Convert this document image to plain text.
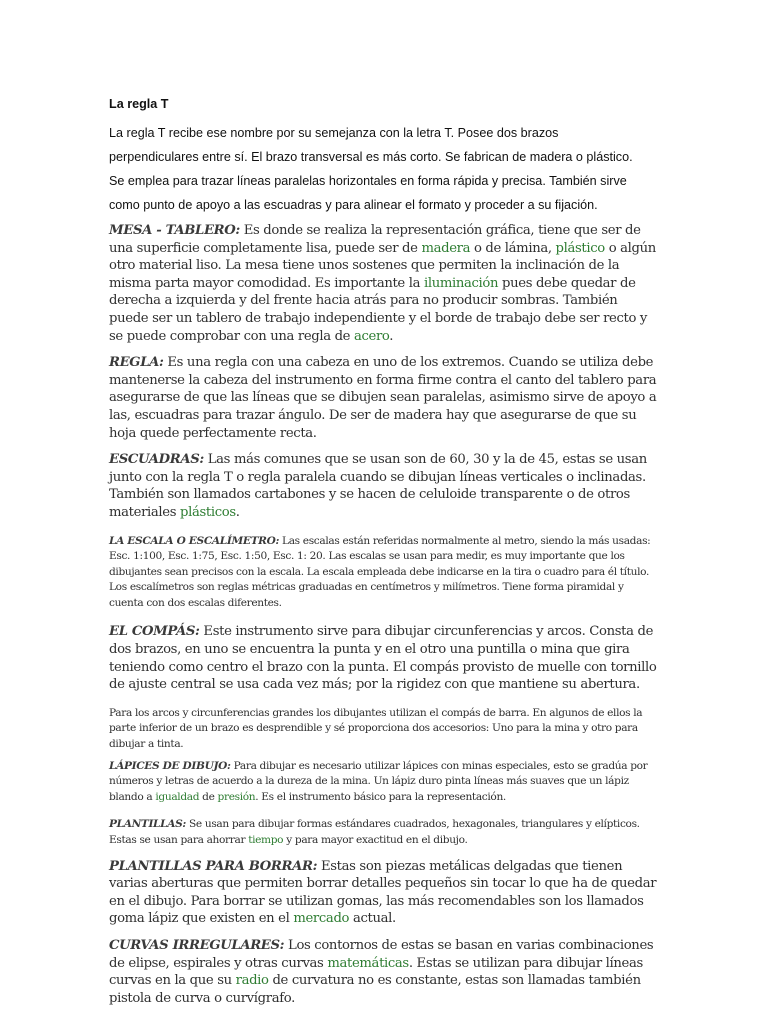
La regla T

La regla T recibe ese nombre por su semejanza con la letra T. Posee dos brazos

perpendiculares entre sí. El brazo transversal es más corto. Se fabrican de madera o plástico.

Se emplea para trazar líneas paralelas horizontales en forma rápida y precisa. También sirve

como punto de apoyo a las escuadras y para alinear el formato y proceder a su fijación.

MESA - TABLERO: Es donde se realiza la representación gráfica, tiene que ser de una superficie completamente lisa, puede ser de madera o de lámina, plástico o algún otro material liso. La mesa tiene unos sostenes que permiten la inclinación de la misma parta mayor comodidad. Es importante la iluminación pues debe quedar de derecha a izquierda y del frente hacia atrás para no producir sombras. También puede ser un tablero de trabajo independiente y el borde de trabajo debe ser recto y se puede comprobar con una regla de acero.

REGLA: Es una regla con una cabeza en uno de los extremos. Cuando se utiliza debe mantenerse la cabeza del instrumento en forma firme contra el canto del tablero para asegurarse de que las líneas que se dibujen sean paralelas, asimismo sirve de apoyo a las, escuadras para trazar ángulo. De ser de madera hay que asegurarse de que su hoja quede perfectamente recta.

ESCUADRAS: Las más comunes que se usan son de 60, 30 y la de 45, estas se usan junto con la regla T o regla paralela cuando se dibujan líneas verticales o inclinadas. También son llamados cartabones y se hacen de celuloide transparente o de otros materiales plásticos.

LA ESCALA O ESCALÍMETRO: Las escalas están referidas normalmente al metro, siendo la más usadas: Esc. 1:100, Esc. 1:75, Esc. 1:50, Esc. 1: 20. Las escalas se usan para medir, es muy importante que los dibujantes sean precisos con la escala. La escala empleada debe indicarse en la tira o cuadro para él título. Los escalímetros son reglas métricas graduadas en centímetros y milímetros. Tiene forma piramidal y cuenta con dos escalas diferentes.

EL COMPÁS: Este instrumento sirve para dibujar circunferencias y arcos. Consta de dos brazos, en uno se encuentra la punta y en el otro una puntilla o mina que gira teniendo como centro el brazo con la punta. El compás provisto de muelle con tornillo de ajuste central se usa cada vez más; por la rigidez con que mantiene su abertura.

Para los arcos y circunferencias grandes los dibujantes utilizan el compás de barra. En algunos de ellos la parte inferior de un brazo es desprendible y sé proporciona dos accesorios: Uno para la mina y otro para dibujar a tinta.

LÁPICES DE DIBUJO: Para dibujar es necesario utilizar lápices con minas especiales, esto se gradúa por números y letras de acuerdo a la dureza de la mina. Un lápiz duro pinta líneas más suaves que un lápiz blando a igualdad de presión. Es el instrumento básico para la representación.

PLANTILLAS: Se usan para dibujar formas estándares cuadrados, hexagonales, triangulares y elípticos. Estas se usan para ahorrar tiempo y para mayor exactitud en el dibujo.

PLANTILLAS PARA BORRAR: Estas son piezas metálicas delgadas que tienen varias aberturas que permiten borrar detalles pequeños sin tocar lo que ha de quedar en el dibujo. Para borrar se utilizan gomas, las más recomendables son los llamados goma lápiz que existen en el mercado actual.

CURVAS IRREGULARES: Los contornos de estas se basan en varias combinaciones de elipse, espirales y otras curvas matemáticas. Estas se utilizan para dibujar líneas curvas en la que su radio de curvatura no es constante, estas son llamadas también pistola de curva o curvígrafo.
